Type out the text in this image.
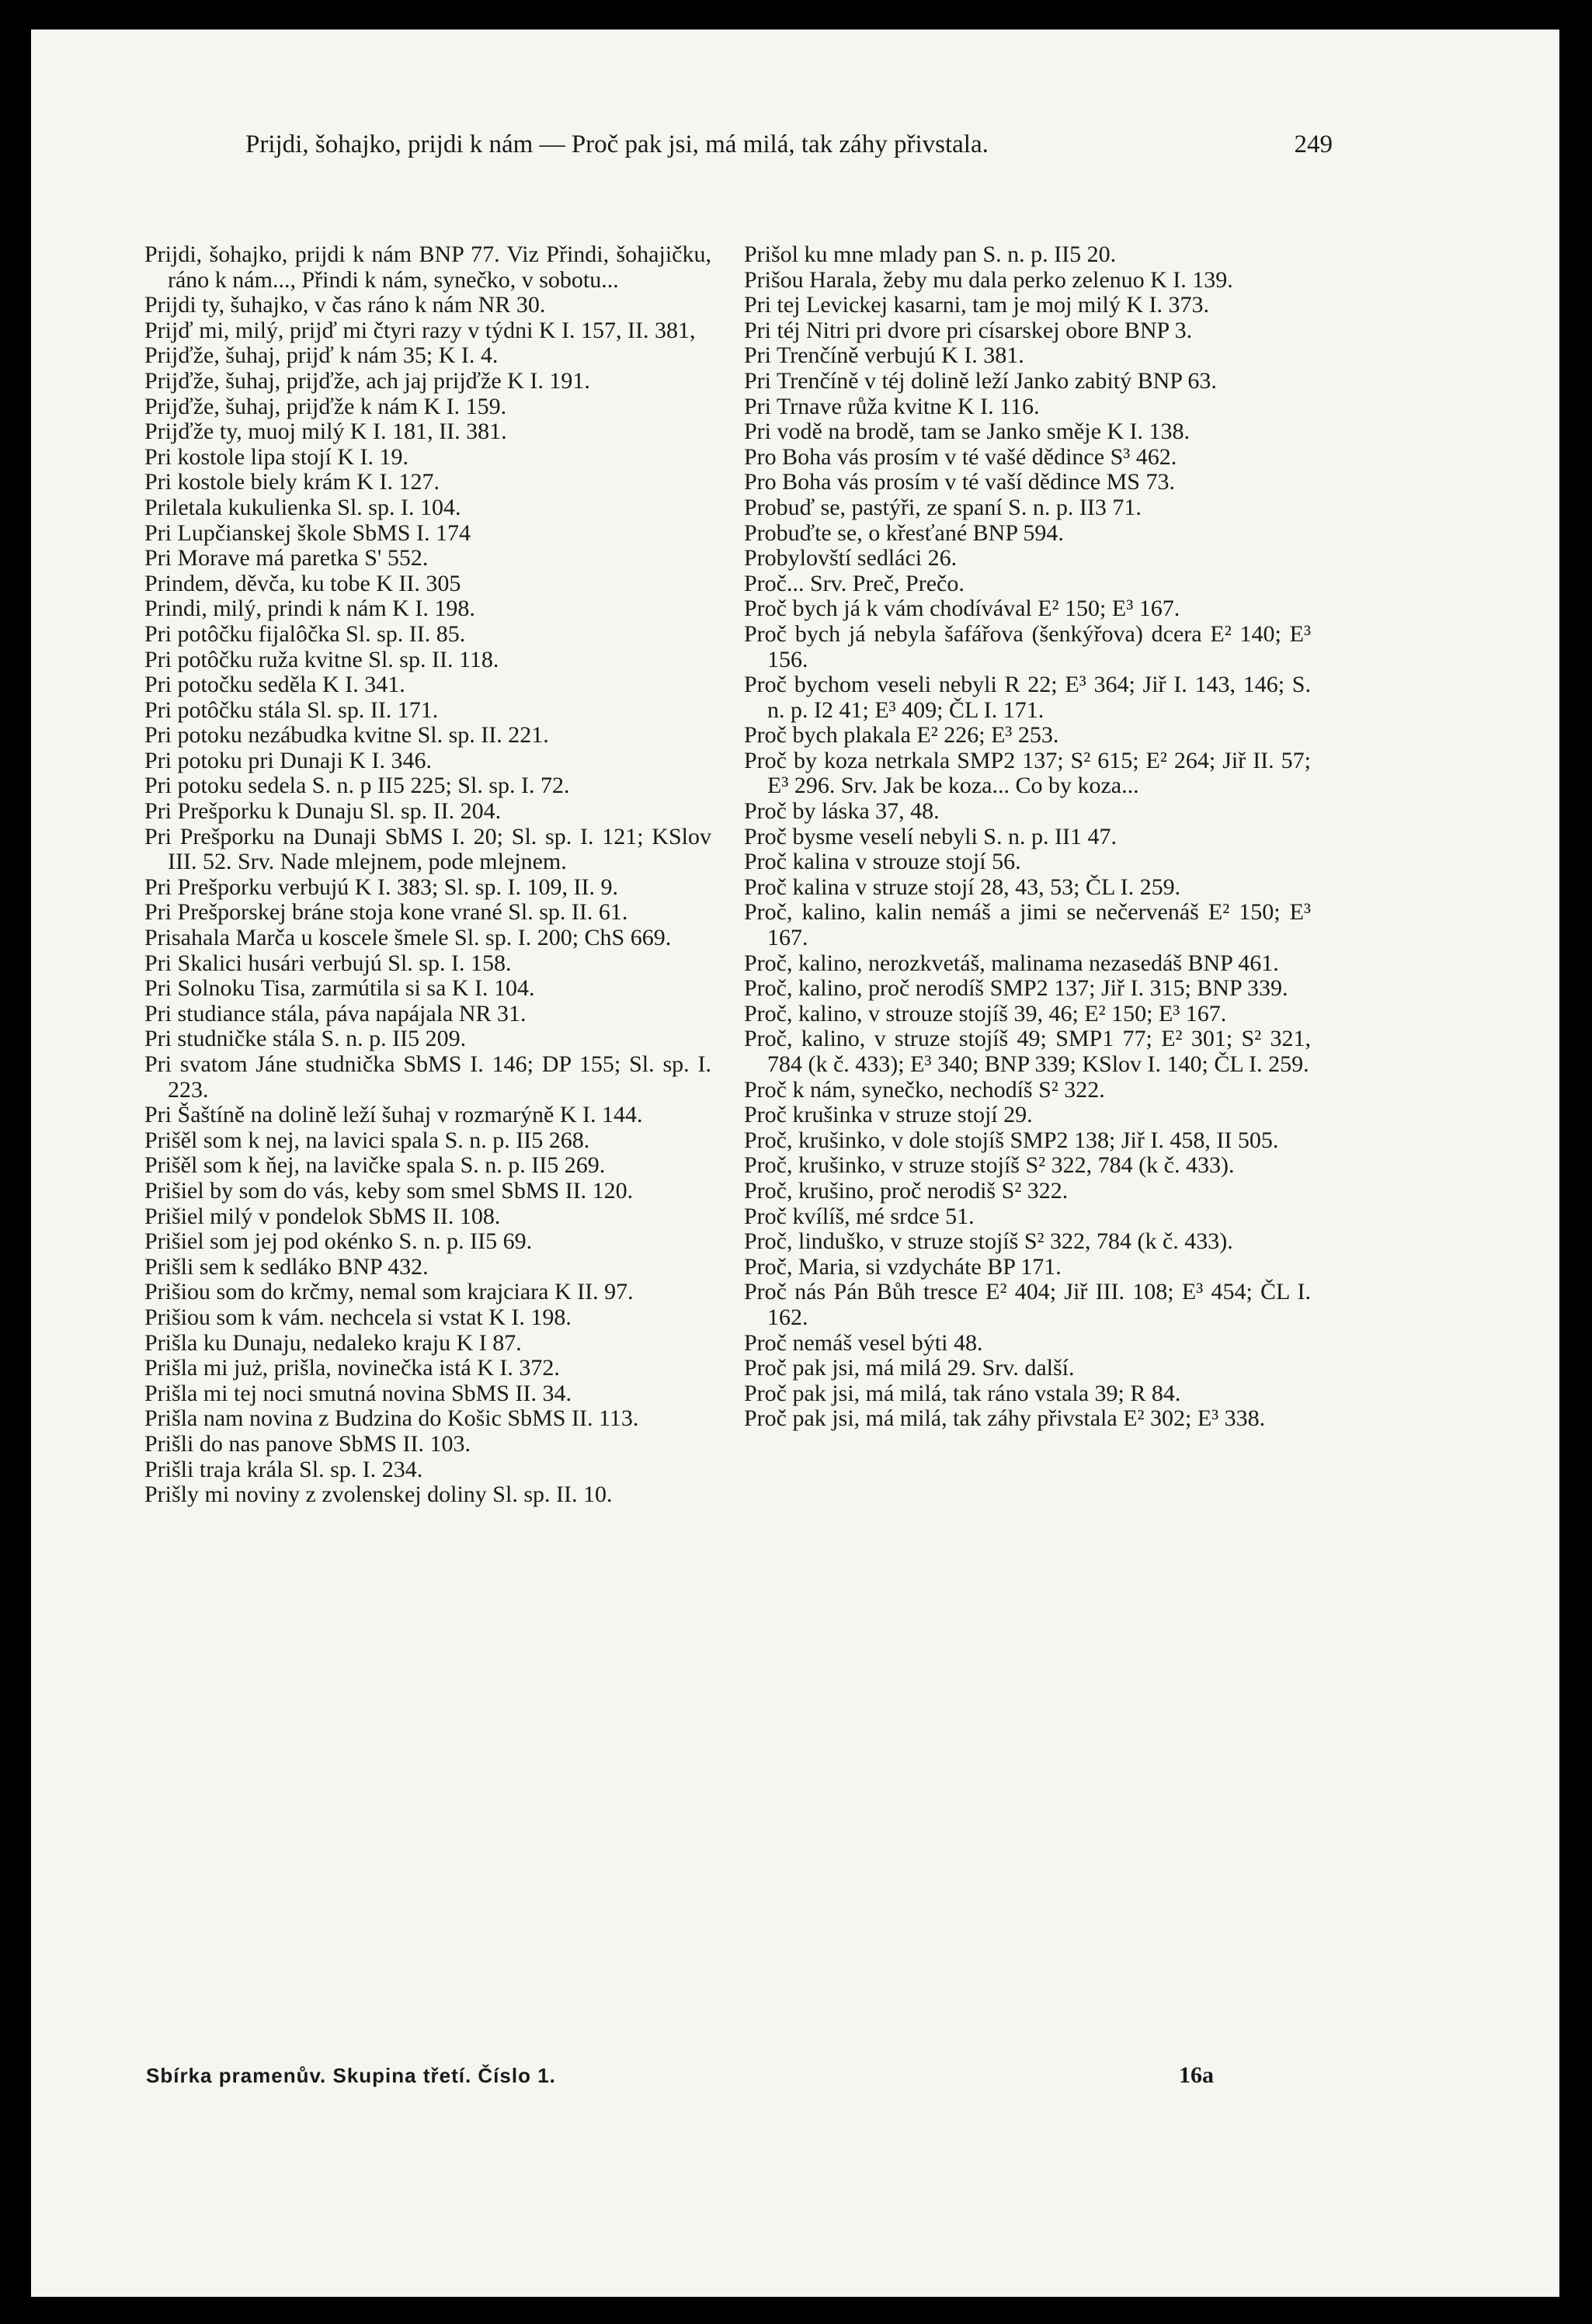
Prijdi, šohajko, prijdi k nám — Proč pak jsi, má milá, tak záhy přivstala.	249
Prijdi, šohajko, prijdi k nám BNP 77. Viz Přindi, šohajičku, ráno k nám..., Přindi k nám, synečko, v sobotu...
Prijdi ty, šuhajko, v čas ráno k nám NR 30.
Prijď mi, milý, prijď mi čtyri razy v týdni K I. 157, II. 381,
Prijďže, šuhaj, prijď k nám 35; K I. 4.
Prijďže, šuhaj, prijďže, ach jaj prijďže K I. 191.
Prijďže, šuhaj, prijďže k nám K I. 159.
Prijďže ty, muoj milý K I. 181, II. 381.
Pri kostole lipa stojí K I. 19.
Pri kostole biely krám K I. 127.
Priletala kukulienka Sl. sp. I. 104.
Pri Lupčianskej škole SbMS I. 174
Pri Morave má paretka S' 552.
Prindem, děvča, ku tobe K II. 305
Prindi, milý, prindi k nám K I. 198.
Pri potôčku fijalôčka Sl. sp. II. 85.
Pri potôčku ruža kvitne Sl. sp. II. 118.
Pri potočku seděla K I. 341.
Pri potôčku stála Sl. sp. II. 171.
Pri potoku nezábudka kvitne Sl. sp. II. 221.
Pri potoku pri Dunaji K I. 346.
Pri potoku sedela S. n. p II5 225; Sl. sp. I. 72.
Pri Prešporku k Dunaju Sl. sp. II. 204.
Pri Prešporku na Dunaji SbMS I. 20; Sl. sp. I. 121; KSlov III. 52. Srv. Nade mlejnem, pode mlejnem.
Pri Prešporku verbujú K I. 383; Sl. sp. I. 109, II. 9.
Pri Prešporskej bráne stoja kone vrané Sl. sp. II. 61.
Prisahala Marča u koscele šmele Sl. sp. I. 200; ChS 669.
Pri Skalici husári verbujú Sl. sp. I. 158.
Pri Solnoku Tisa, zarmútila si sa K I. 104.
Pri studiance stála, páva napájala NR 31.
Pri studničke stála S. n. p. II5 209.
Pri svatom Jáne studnička SbMS I. 146; DP 155; Sl. sp. I. 223.
Pri Šaštíně na dolině leží šuhaj v rozmarýně K I. 144.
Prišěl som k nej, na lavici spala S. n. p. II5 268.
Prišěl som k ňej, na lavičke spala S. n. p. II5 269.
Prišiel by som do vás, keby som smel SbMS II. 120.
Prišiel milý v pondelok SbMS II. 108.
Prišiel som jej pod okénko S. n. p. II5 69.
Prišli sem k sedláko BNP 432.
Prišiou som do krčmy, nemal som krajciara K II. 97.
Prišiou som k vám. nechcela si vstat K I. 198.
Prišla ku Dunaju, nedaleko kraju K I 87.
Prišla mi już, prišla, novinečka istá K I. 372.
Prišla mi tej noci smutná novina SbMS II. 34.
Prišla nam novina z Budzina do Košic SbMS II. 113.
Prišli do nas panove SbMS II. 103.
Prišli traja krála Sl. sp. I. 234.
Prišly mi noviny z zvolenskej doliny Sl. sp. II. 10.
Prišol ku mne mlady pan S. n. p. II5 20.
Prišou Harala, žeby mu dala perko zelenuo K I. 139.
Pri tej Levickej kasarni, tam je moj milý K I. 373.
Pri téj Nitri pri dvore pri císarskej obore BNP 3.
Pri Trenčíně verbujú K I. 381.
Pri Trenčíně v téj dolině leží Janko zabitý BNP 63.
Pri Trnave růža kvitne K I. 116.
Pri vodě na brodě, tam se Janko směje K I. 138.
Pro Boha vás prosím v té vašé dědince S³ 462.
Pro Boha vás prosím v té vaší dědince MS 73.
Probuď se, pastýři, ze spaní S. n. p. II3 71.
Probuďte se, o křesťané BNP 594.
Probylovští sedláci 26.
Proč... Srv. Preč, Prečo.
Proč bych já k vám chodívával E² 150; E³ 167.
Proč bych já nebyla šafářova (šenkýřova) dcera E² 140; E³ 156.
Proč bychom veseli nebyli R 22; E³ 364; Jiř I. 143, 146; S. n. p. I2 41; E³ 409; ČL I. 171.
Proč bych plakala E² 226; E³ 253.
Proč by koza netrkala SMP2 137; S² 615; E² 264; Jiř II. 57; E³ 296. Srv. Jak be koza... Co by koza...
Proč by láska 37, 48.
Proč bysme veselí nebyli S. n. p. II1 47.
Proč kalina v strouze stojí 56.
Proč kalina v struze stojí 28, 43, 53; ČL I. 259.
Proč, kalino, kalin nemáš a jimi se nečervenáš E² 150; E³ 167.
Proč, kalino, nerozkvetáš, malinama nezasedáš BNP 461.
Proč, kalino, proč nerodíš SMP2 137; Jiř I. 315; BNP 339.
Proč, kalino, v strouze stojíš 39, 46; E² 150; E³ 167.
Proč, kalino, v struze stojíš 49; SMP1 77; E² 301; S² 321, 784 (k č. 433); E³ 340; BNP 339; KSlov I. 140; ČL I. 259.
Proč k nám, synečko, nechodíš S² 322.
Proč krušinka v struze stojí 29.
Proč, krušinko, v dole stojíš SMP2 138; Jiř I. 458, II 505.
Proč, krušinko, v struze stojíš S² 322, 784 (k č. 433).
Proč, krušino, proč nerodiš S² 322.
Proč kvílíš, mé srdce 51.
Proč, linduško, v struze stojíš S² 322, 784 (k č. 433).
Proč, Maria, si vzdycháte BP 171.
Proč nás Pán Bůh tresce E² 404; Jiř III. 108; E³ 454; ČL I. 162.
Proč nemáš vesel býti 48.
Proč pak jsi, má milá 29. Srv. další.
Proč pak jsi, má milá, tak ráno vstala 39; R 84.
Proč pak jsi, má milá, tak záhy přivstala E² 302; E³ 338.
Sbírka pramenův. Skupina třetí. Číslo 1.	16a
